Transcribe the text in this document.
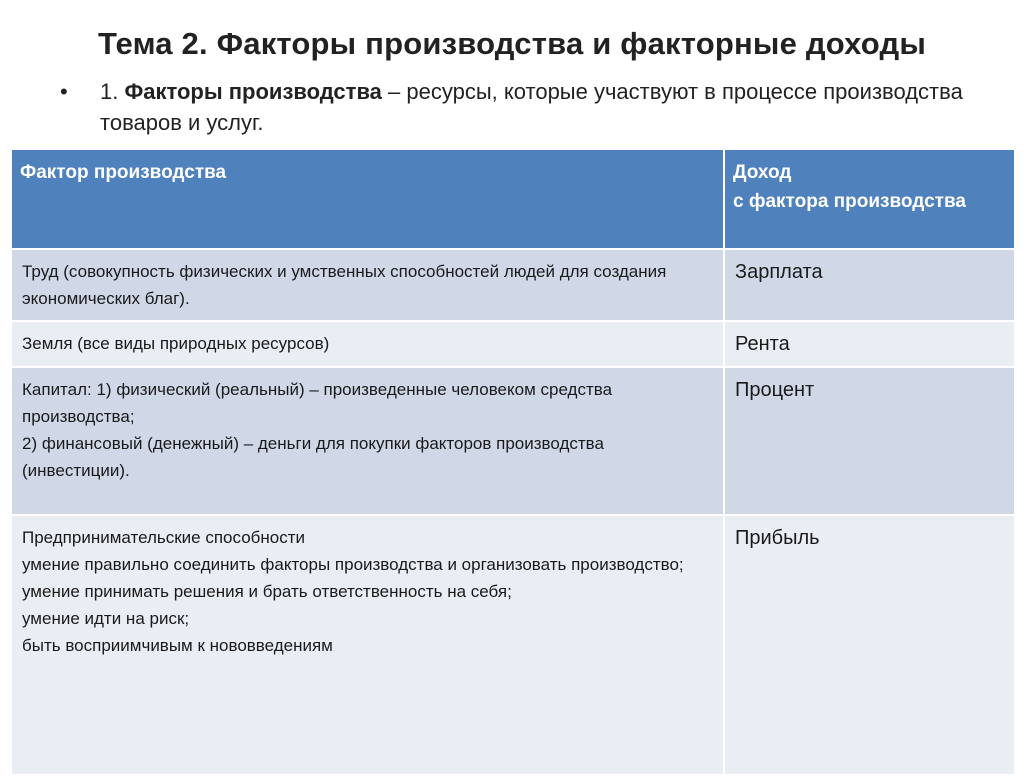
Тема 2. Факторы производства и факторные доходы
• 1. Факторы производства – ресурсы, которые участвуют в процессе производства товаров и услуг.
Фактор производства	Доход
с фактора производства

Труд (совокупность физических и умственных способностей людей для создания экономических благ).	Зарплата
Земля (все виды природных ресурсов)	Рента
Капитал: 1) физический (реальный) – произведенные человеком средства производства;
2) финансовый (денежный) – деньги для покупки факторов производства (инвестиции).	Процент
Предпринимательские способности
умение правильно соединить факторы производства и организовать производство;
умение принимать решения и брать ответственность на себя;
умение идти на риск;
быть восприимчивым к нововведениям	Прибыль
